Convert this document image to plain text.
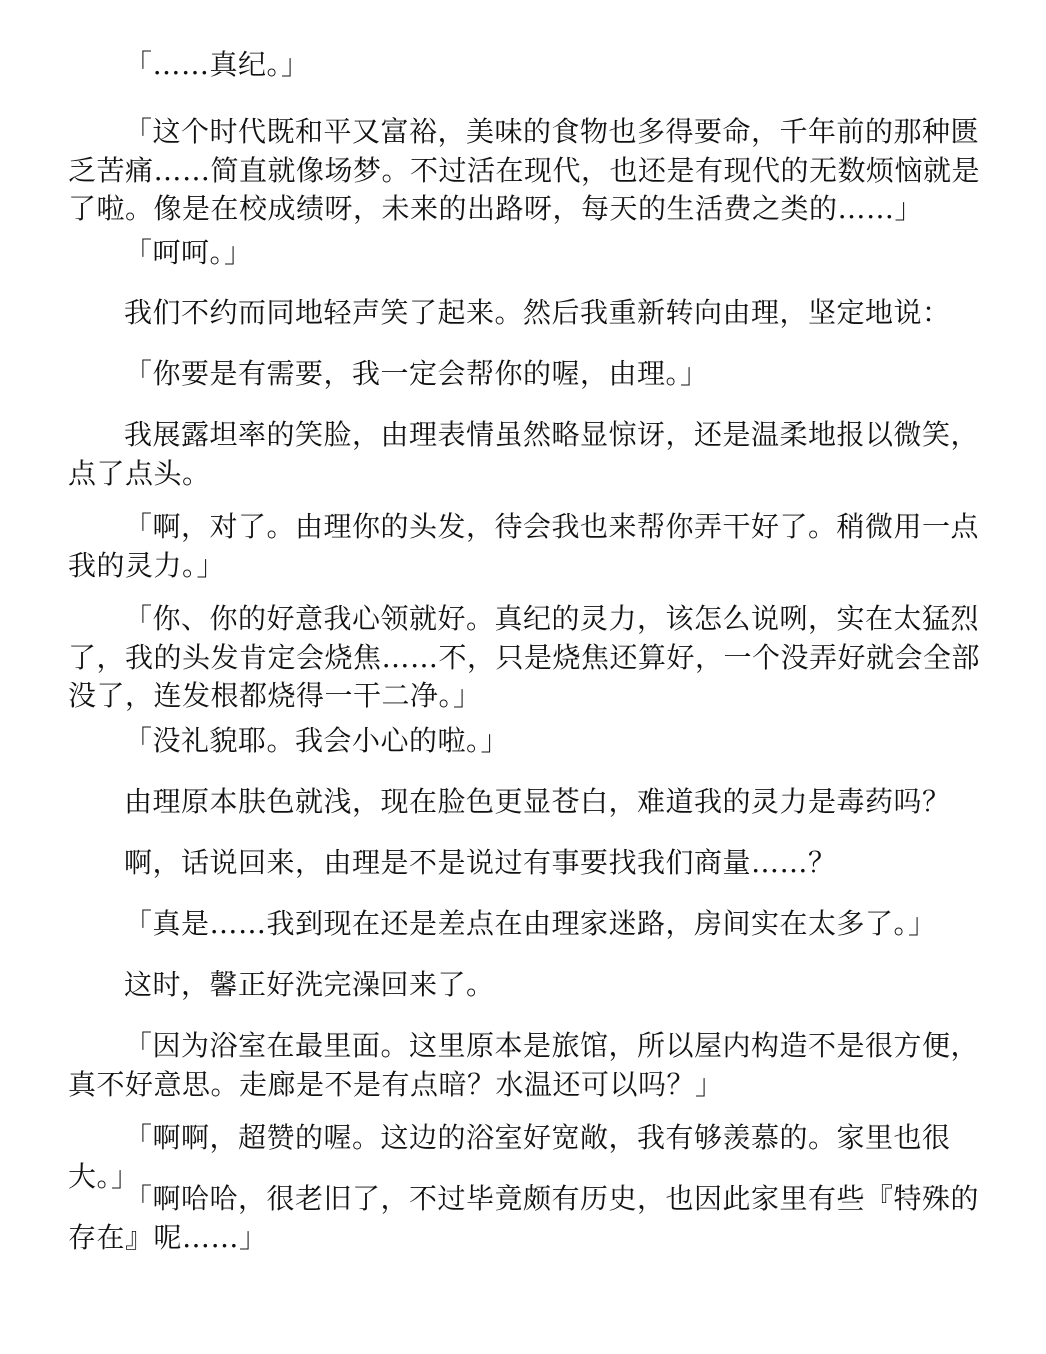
「……真纪。」

「这个时代既和平又富裕，美味的食物也多得要命，千年前的那种匮乏苦痛……简直就像场梦。不过活在现代，也还是有现代的无数烦恼就是了啦。像是在校成绩呀，未来的出路呀，每天的生活费之类的……」

「呵呵。」

我们不约而同地轻声笑了起来。然后我重新转向由理，坚定地说：

「你要是有需要，我一定会帮你的喔，由理。」

我展露坦率的笑脸，由理表情虽然略显惊讶，还是温柔地报以微笑，点了点头。

「啊，对了。由理你的头发，待会我也来帮你弄干好了。稍微用一点我的灵力。」

「你、你的好意我心领就好。真纪的灵力，该怎么说咧，实在太猛烈了，我的头发肯定会烧焦……不，只是烧焦还算好，一个没弄好就会全部没了，连发根都烧得一干二净。」

「没礼貌耶。我会小心的啦。」

由理原本肤色就浅，现在脸色更显苍白，难道我的灵力是毒药吗？

啊，话说回来，由理是不是说过有事要找我们商量……？

「真是……我到现在还是差点在由理家迷路，房间实在太多了。」

这时，馨正好洗完澡回来了。

「因为浴室在最里面。这里原本是旅馆，所以屋内构造不是很方便，真不好意思。走廊是不是有点暗？水温还可以吗？」

「啊啊，超赞的喔。这边的浴室好宽敞，我有够羡慕的。家里也很大。」

「啊哈哈，很老旧了，不过毕竟颇有历史，也因此家里有些『特殊的存在』呢……」
